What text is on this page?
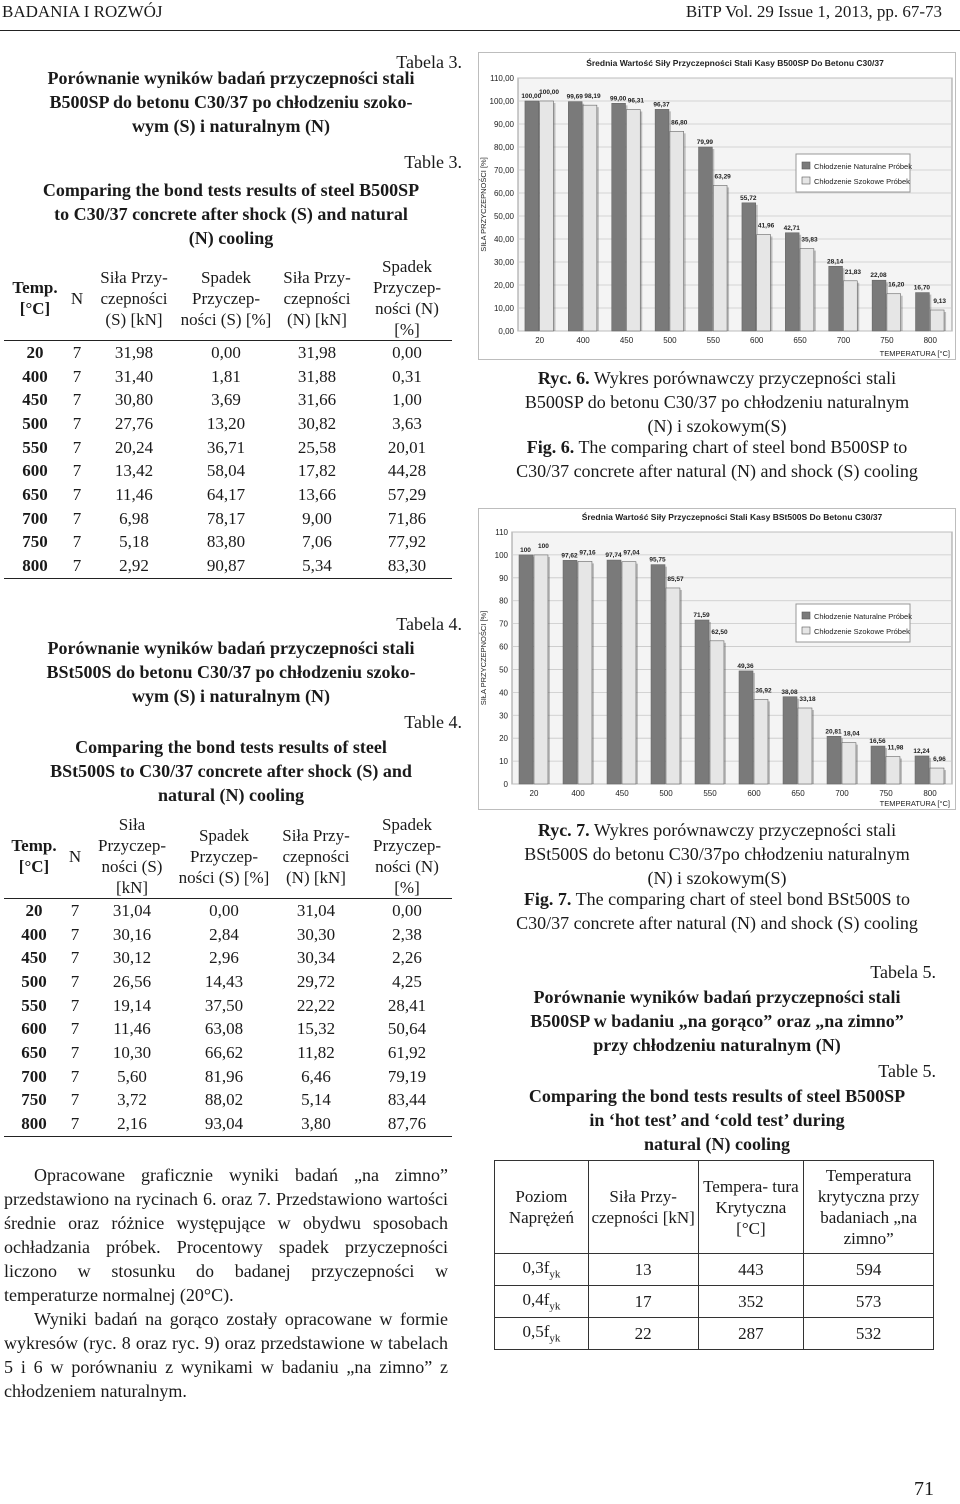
BADANIA I ROZWÓJ	BiTP Vol. 29 Issue 1, 2013, pp. 67-73
Tabela 3.
Porównanie wyników badań przyczepności stali
B500SP do betonu C30/37 po chłodzeniu szoko-
wym (S) i naturalnym (N)
Table 3.
Comparing the bond tests results of steel B500SP
to C30/37 concrete after shock (S) and natural
(N) cooling
Temp. [°C]	N	Siła Przy- czepności (S) [kN]	Spadek Przyczep- ności (S) [%]	Siła Przy- czepności (N) [kN]	Spadek Przyczep- ności (N) [%]
20	7	31,98	0,00	31,98	0,00
400	7	31,40	1,81	31,88	0,31
450	7	30,80	3,69	31,66	1,00
500	7	27,76	13,20	30,82	3,63
550	7	20,24	36,71	25,58	20,01
600	7	13,42	58,04	17,82	44,28
650	7	11,46	64,17	13,66	57,29
700	7	6,98	78,17	9,00	71,86
750	7	5,18	83,80	7,06	77,92
800	7	2,92	90,87	5,34	83,30
Tabela 4.
Porównanie wyników badań przyczepności stali
BSt500S do betonu C30/37 po chłodzeniu szoko-
wym (S) i naturalnym (N)
Table 4.
Comparing the bond tests results of steel
BSt500S to C30/37 concrete after shock (S) and
natural (N) cooling
Temp. [°C]	N	Siła Przyczep- ności (S) [kN]	Spadek Przyczep- ności (S) [%]	Siła Przy- czepności (N) [kN]	Spadek Przyczep- ności (N) [%]
20	7	31,04	0,00	31,04	0,00
400	7	30,16	2,84	30,30	2,38
450	7	30,12	2,96	30,34	2,26
500	7	26,56	14,43	29,72	4,25
550	7	19,14	37,50	22,22	28,41
600	7	11,46	63,08	15,32	50,64
650	7	10,30	66,62	11,82	61,92
700	7	5,60	81,96	6,46	79,19
750	7	3,72	88,02	5,14	83,44
800	7	2,16	93,04	3,80	87,76

Opracowane graficznie wyniki badań „na zimno” przedstawiono na rycinach 6. oraz 7. Przedstawiono wartości średnie oraz różnice występujące w obydwu sposobach ochładzania próbek. Procentowy spadek przyczepności liczono w stosunku do badanej przyczepności w temperaturze normalnej (20°C).

Wyniki badań na gorąco zostały opracowane w formie wykresów (ryc. 8 oraz ryc. 9) oraz przedstawione w tabelach 5 i 6 w porównaniu z wynikami w badaniu „na zimno” z chłodzeniem naturalnym.

Średnia Wartość Siły Przyczepności Stali Kasy B500SP Do Betonu C30/37
0,00
10,00
20,00
30,00
40,00
50,00
60,00
70,00
80,00
90,00
100,00
110,00
SIŁA PRZYCZEPNOŚCI [%]
TEMPERATURA [°C]
100,00
100,00
20
99,69 98,19
400
99,00 96,31
450
96,37
86,80
500
79,99
63,29
550
55,72
41,96
600
42,71
35,83
650
28,14
21,83
700
22,08
16,20
750
16,70
9,13
800
Chłodzenie Naturalne Próbek
Chłodzenie Szokowe Próbek
Ryc. 6. Wykres porównawczy przyczepności stali
B500SP do betonu C30/37 po chłodzeniu naturalnym
(N) i szokowym(S)
Fig. 6. The comparing chart of steel bond B500SP to
C30/37 concrete after natural (N) and shock (S) cooling
Średnia Wartość Siły Przyczepności Stali Kasy BSt500S Do Betonu C30/37
0
10
20
30
40
50
60
70
80
90
100
110
SIŁA PRZYCZEPNOŚCI [%]
TEMPERATURA [°C]
100
100
20
97,62 97,16
400
97,74 97,04
450
95,75
85,57
500
71,59
62,50
550
49,36
36,92
600
38,08
33,18
650
20,81 18,04
700
16,56
11,98
750
12,24
6,96
800
Chłodzenie Naturalne Próbek
Chłodzenie Szokowe Próbek
Ryc. 7. Wykres porównawczy przyczepności stali
BSt500S do betonu C30/37po chłodzeniu naturalnym
(N) i szokowym(S)
Fig. 7. The comparing chart of steel bond BSt500S to
C30/37 concrete after natural (N) and shock (S) cooling
Tabela 5.
Porównanie wyników badań przyczepności stali
B500SP w badaniu „na gorąco” oraz „na zimno”
przy chłodzeniu naturalnym (N)
Table 5.
Comparing the bond tests results of steel B500SP
in ‘hot test’ and ‘cold test’ during
natural (N) cooling
Poziom Naprężeń	Siła Przy- czepności [kN]	Tempera- tura Krytyczna [°C]	Temperatura krytyczna przy badaniach „na zimno”
$0,3f_{yk}$	13	443	594
$0,4f_{yk}$	17	352	573
$0,5f_{yk}$	22	287	532
71
